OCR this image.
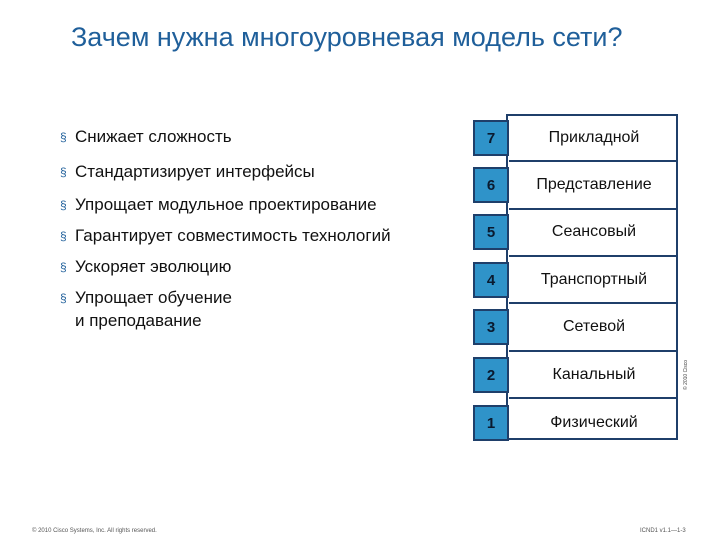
Зачем нужна многоуровневая модель сети?
§ Снижает сложность
§ Стандартизирует интерфейсы
§ Упрощает модульное проектирование
§ Гарантирует совместимость технологий
§ Ускоряет эволюцию
§ Упрощает обучение
и преподавание
7	Прикладной
6	Представление
5	Сеансовый
4	Транспортный
3	Сетевой
2	Канальный
1	Физический
© 2010 Cisco
© 2010 Cisco Systems, Inc. All rights reserved.	ICND1 v1.1—1-3
